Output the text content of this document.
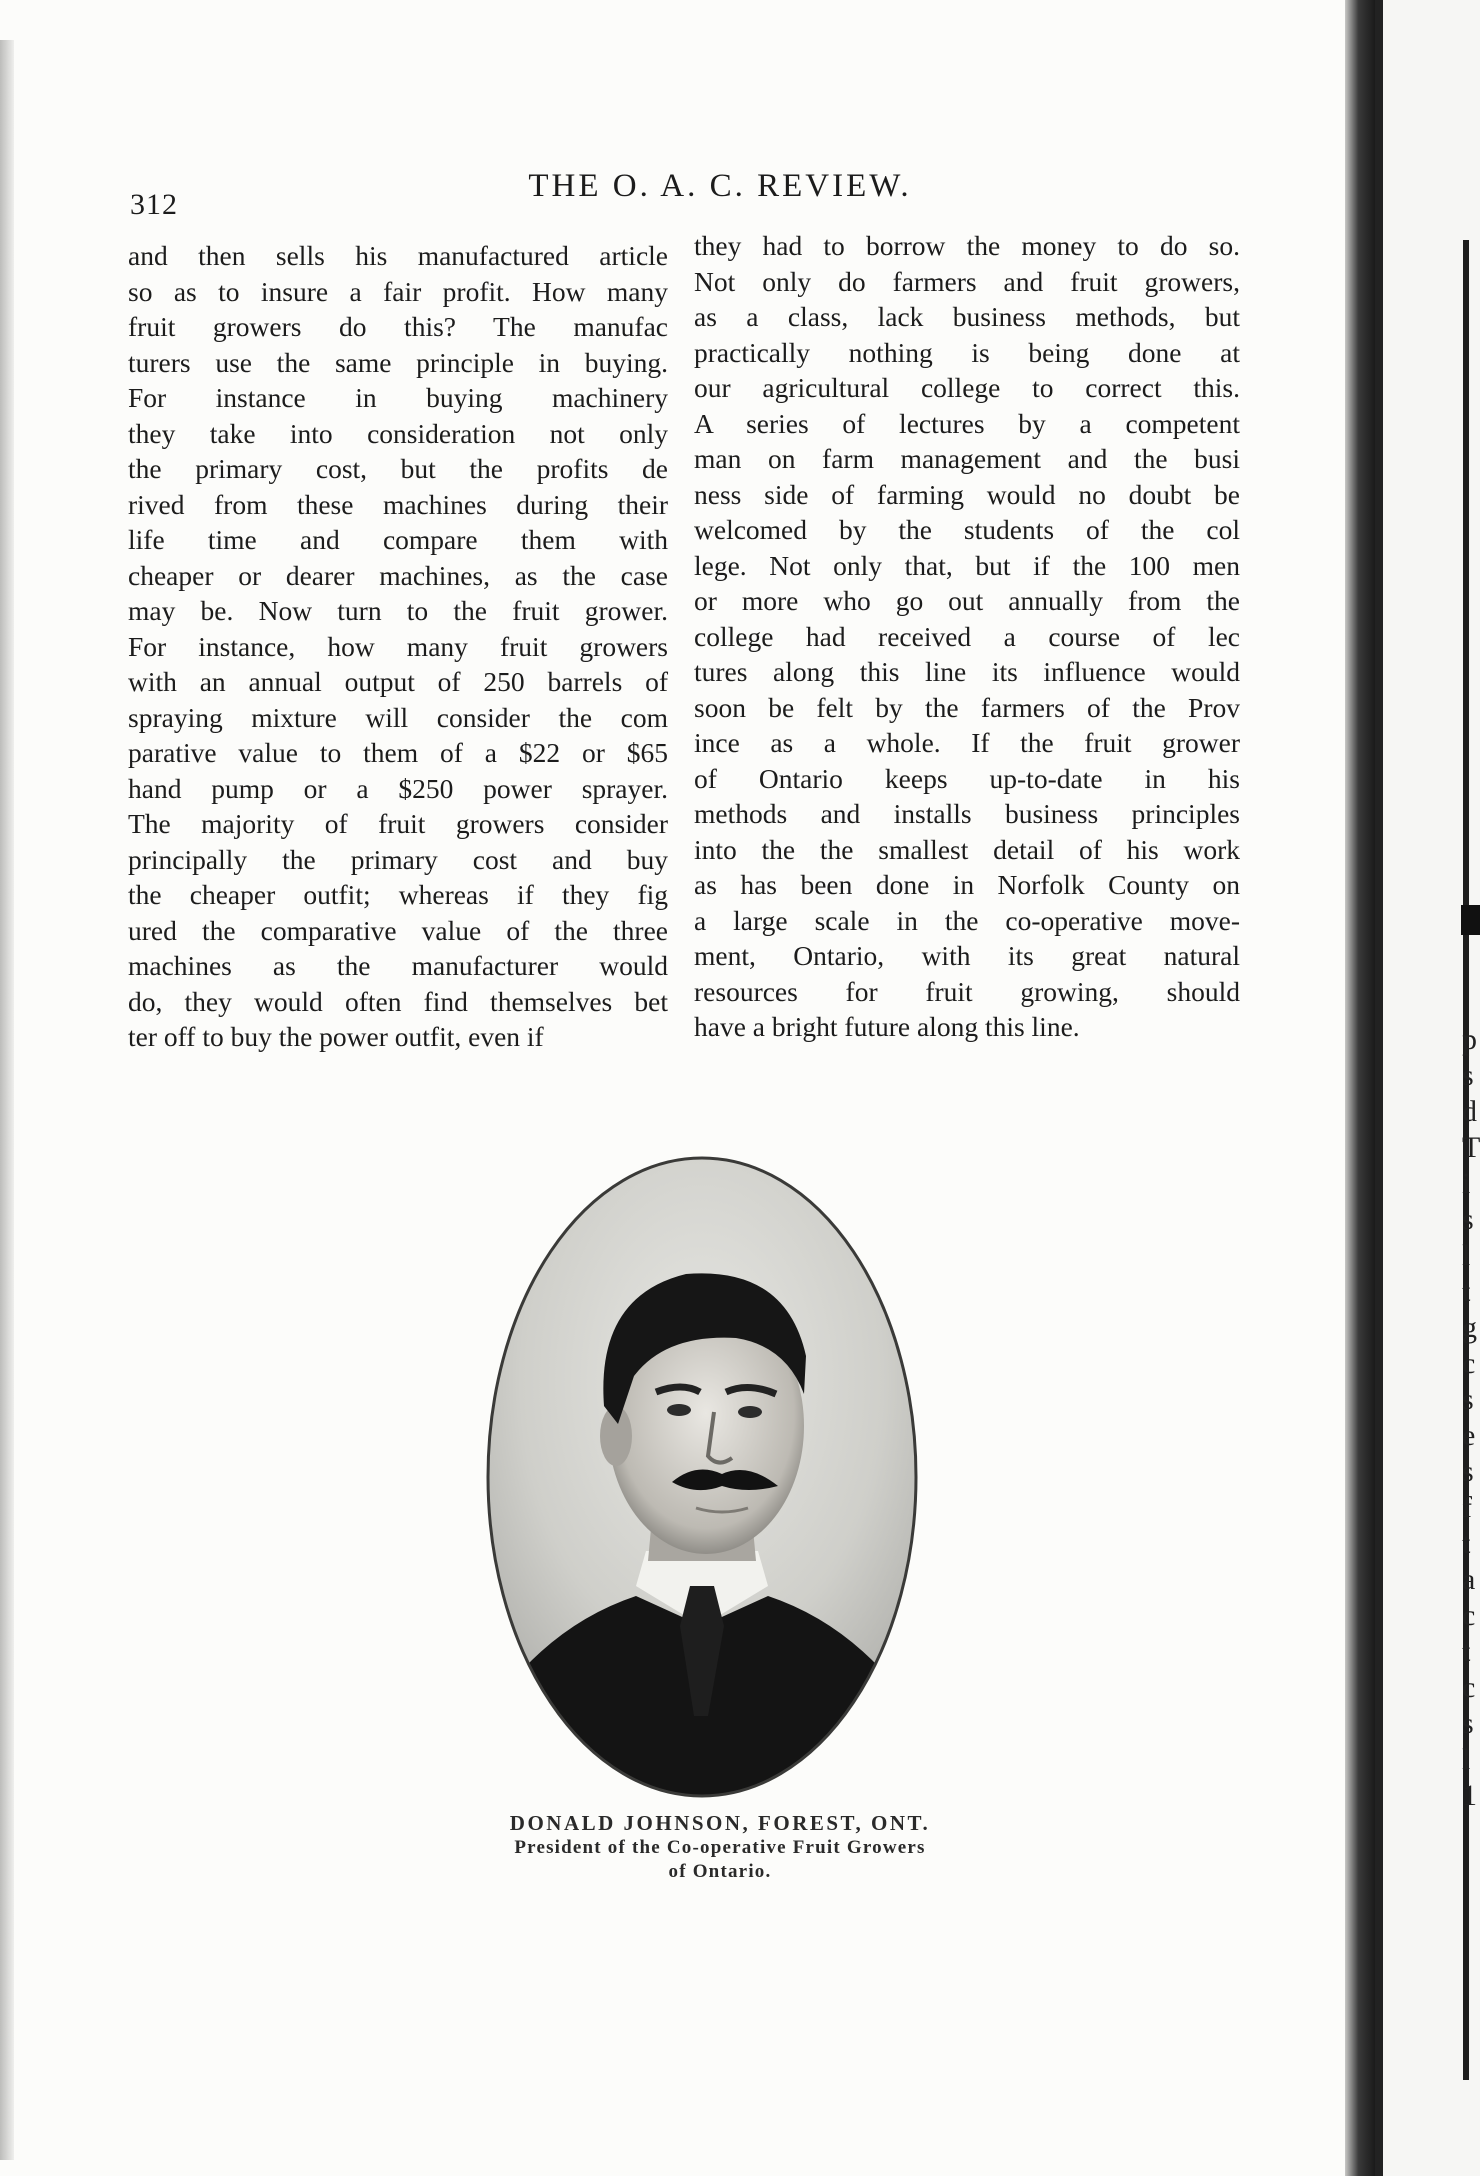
312
THE O. A. C. REVIEW.
and then sells his manufactured article
so as to insure a fair profit. How many
fruit growers do this? The manufac
turers use the same principle in buying.
For instance in buying machinery
they take into consideration not only
the primary cost, but the profits de
rived from these machines during their
life time and compare them with
cheaper or dearer machines, as the case
may be. Now turn to the fruit grower.
For instance, how many fruit growers
with an annual output of 250 barrels of
spraying mixture will consider the com
parative value to them of a $22 or $65
hand pump or a $250 power sprayer.
The majority of fruit growers consider
principally the primary cost and buy
the cheaper outfit; whereas if they fig
ured the comparative value of the three
machines as the manufacturer would
do, they would often find themselves bet
ter off to buy the power outfit, even if
they had to borrow the money to do so.
Not only do farmers and fruit growers,
as a class, lack business methods, but
practically nothing is being done at
our agricultural college to correct this.
A series of lectures by a competent
man on farm management and the busi
ness side of farming would no doubt be
welcomed by the students of the col
lege. Not only that, but if the 100 men
or more who go out annually from the
college had received a course of lec
tures along this line its influence would
soon be felt by the farmers of the Prov
ince as a whole. If the fruit grower
of Ontario keeps up-to-date in his
methods and installs business principles
into the the smallest detail of his work
as has been done in Norfolk County on
a large scale in the co-operative move-
ment, Ontario, with its great natural
resources for fruit growing, should
have a bright future along this line.
DONALD JOHNSON, FOREST, ONT.
President of the Co-operative Fruit Growers
of Ontario.
p
s
d
T
i
s
l
t
g
c
s
e
s
f
t
a
c
t
c
s
l
1
